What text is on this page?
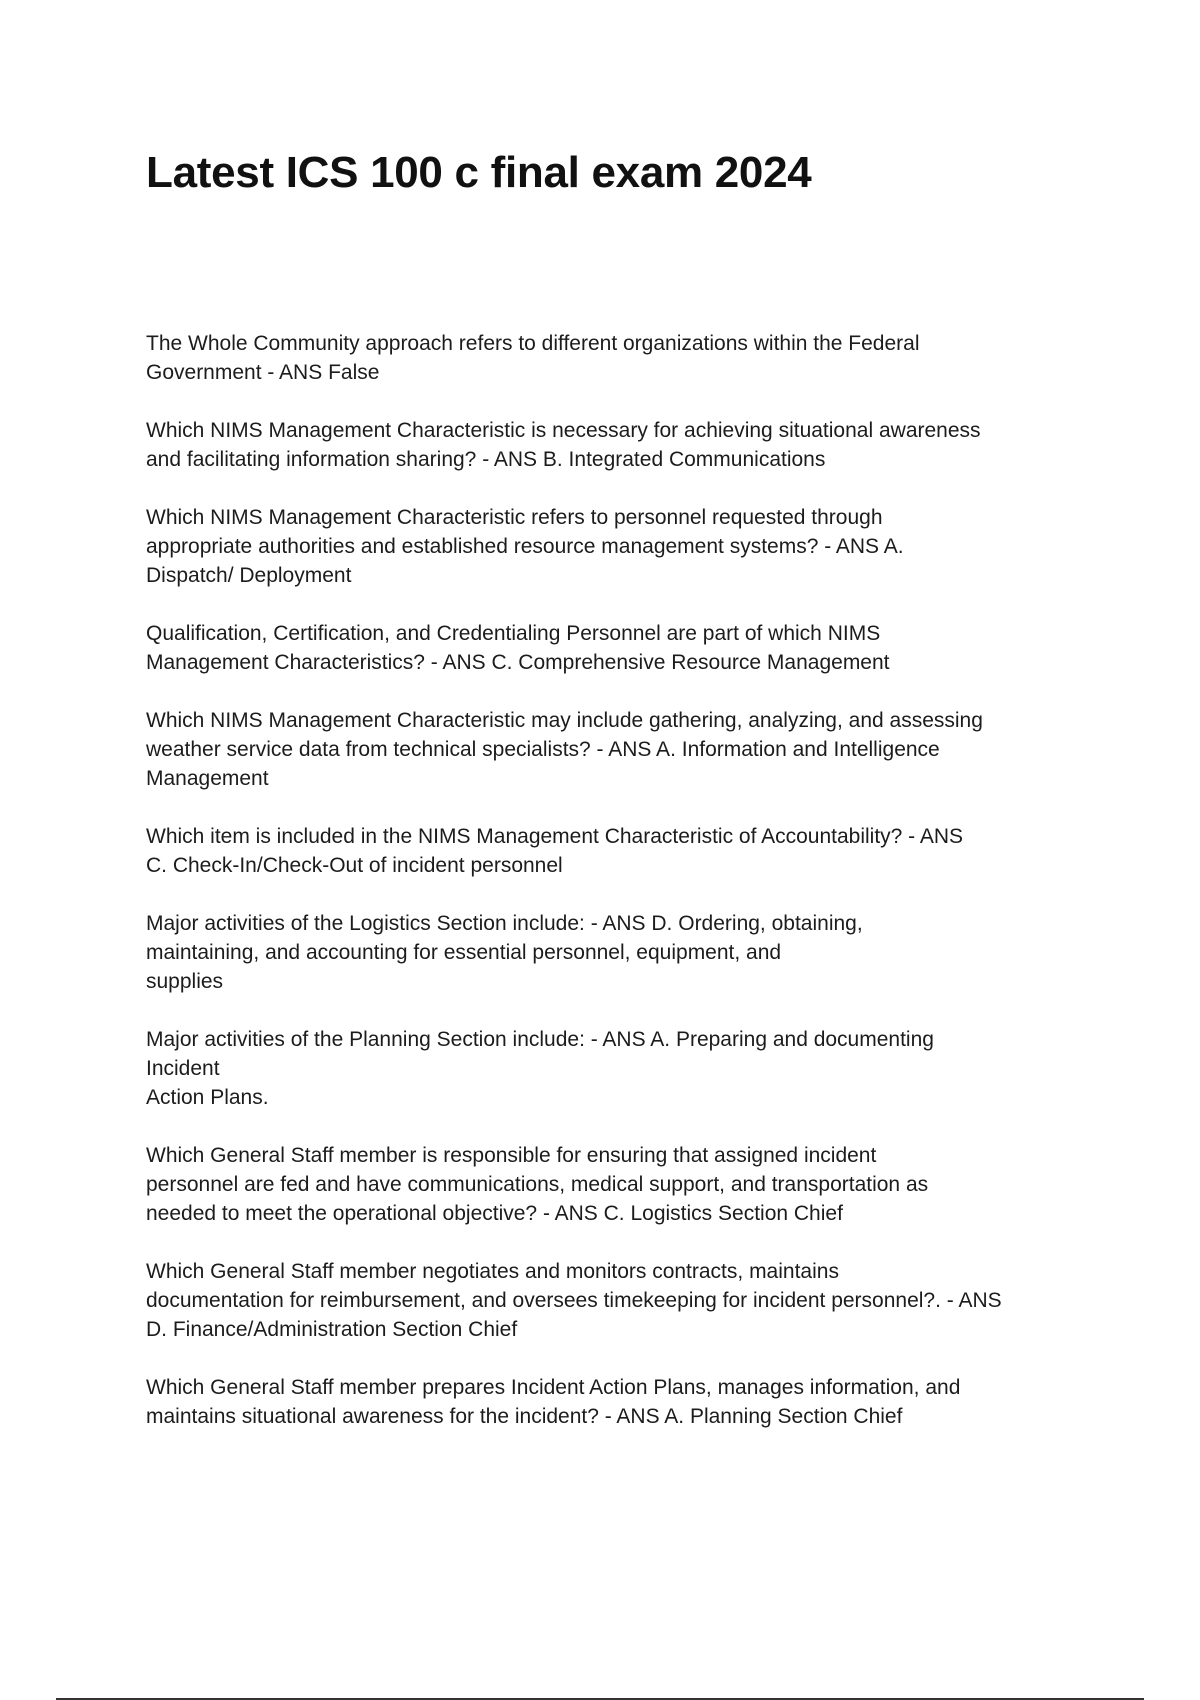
Latest ICS 100 c final exam 2024

The Whole Community approach refers to different organizations within the Federal
Government - ANS False

Which NIMS Management Characteristic is necessary for achieving situational awareness
and facilitating information sharing? - ANS B. Integrated Communications

Which NIMS Management Characteristic refers to personnel requested through
appropriate authorities and established resource management systems? - ANS A.
Dispatch/ Deployment

Qualification, Certification, and Credentialing Personnel are part of which NIMS
Management Characteristics? - ANS C. Comprehensive Resource Management

Which NIMS Management Characteristic may include gathering, analyzing, and assessing
weather service data from technical specialists? - ANS A. Information and Intelligence
Management

Which item is included in the NIMS Management Characteristic of Accountability? - ANS
C. Check-In/Check-Out of incident personnel

Major activities of the Logistics Section include: - ANS D. Ordering, obtaining,
maintaining, and accounting for essential personnel, equipment, and
supplies

Major activities of the Planning Section include: - ANS A. Preparing and documenting
Incident
Action Plans.

Which General Staff member is responsible for ensuring that assigned incident
personnel are fed and have communications, medical support, and transportation as
needed to meet the operational objective? - ANS C. Logistics Section Chief

Which General Staff member negotiates and monitors contracts, maintains
documentation for reimbursement, and oversees timekeeping for incident personnel?. - ANS
D. Finance/Administration Section Chief

Which General Staff member prepares Incident Action Plans, manages information, and
maintains situational awareness for the incident? - ANS A. Planning Section Chief
